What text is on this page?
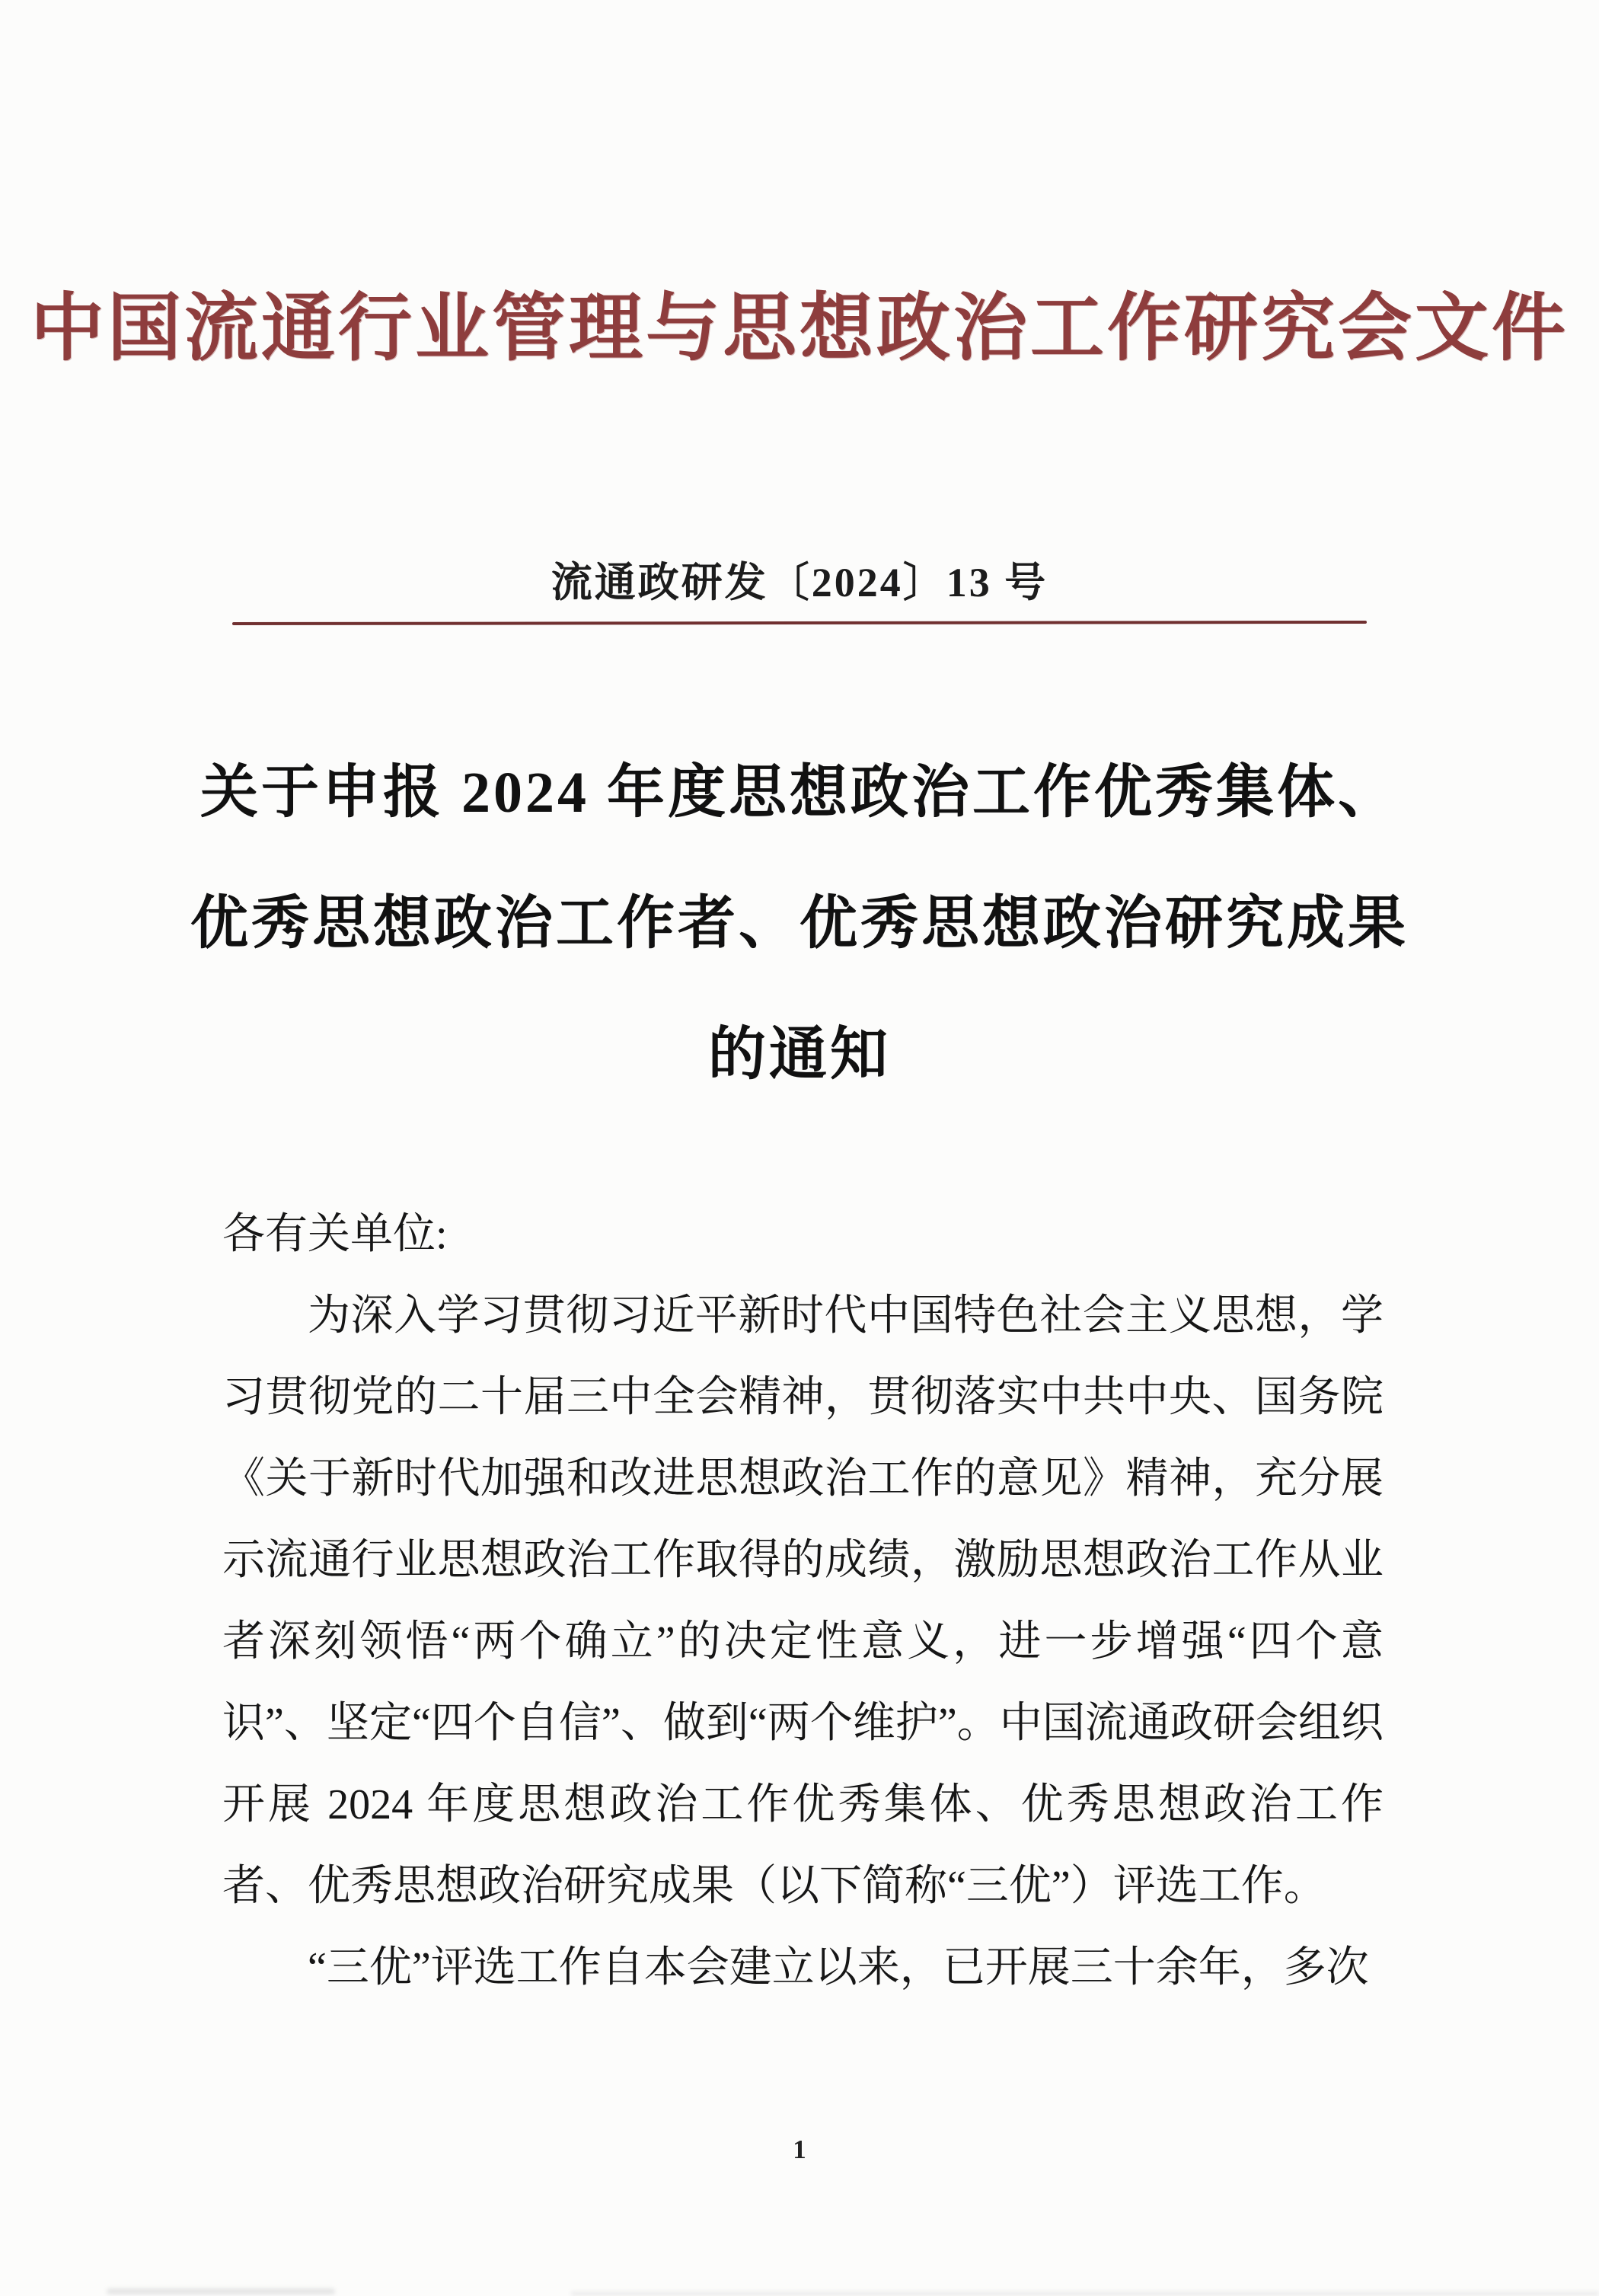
中国流通行业管理与思想政治工作研究会文件
流通政研发〔2024〕13 号
关于申报 2024 年度思想政治工作优秀集体、
优秀思想政治工作者、优秀思想政治研究成果
的通知

各有关单位:

为深入学习贯彻习近平新时代中国特色社会主义思想，学习贯彻党的二十届三中全会精神，贯彻落实中共中央、国务院《关于新时代加强和改进思想政治工作的意见》精神，充分展示流通行业思想政治工作取得的成绩，激励思想政治工作从业者深刻领悟“两个确立”的决定性意义，进一步增强“四个意识”、坚定“四个自信”、做到“两个维护”。中国流通政研会组织开展 2024 年度思想政治工作优秀集体、优秀思想政治工作者、优秀思想政治研究成果（以下简称“三优”）评选工作。

“三优”评选工作自本会建立以来，已开展三十余年，多次

1
